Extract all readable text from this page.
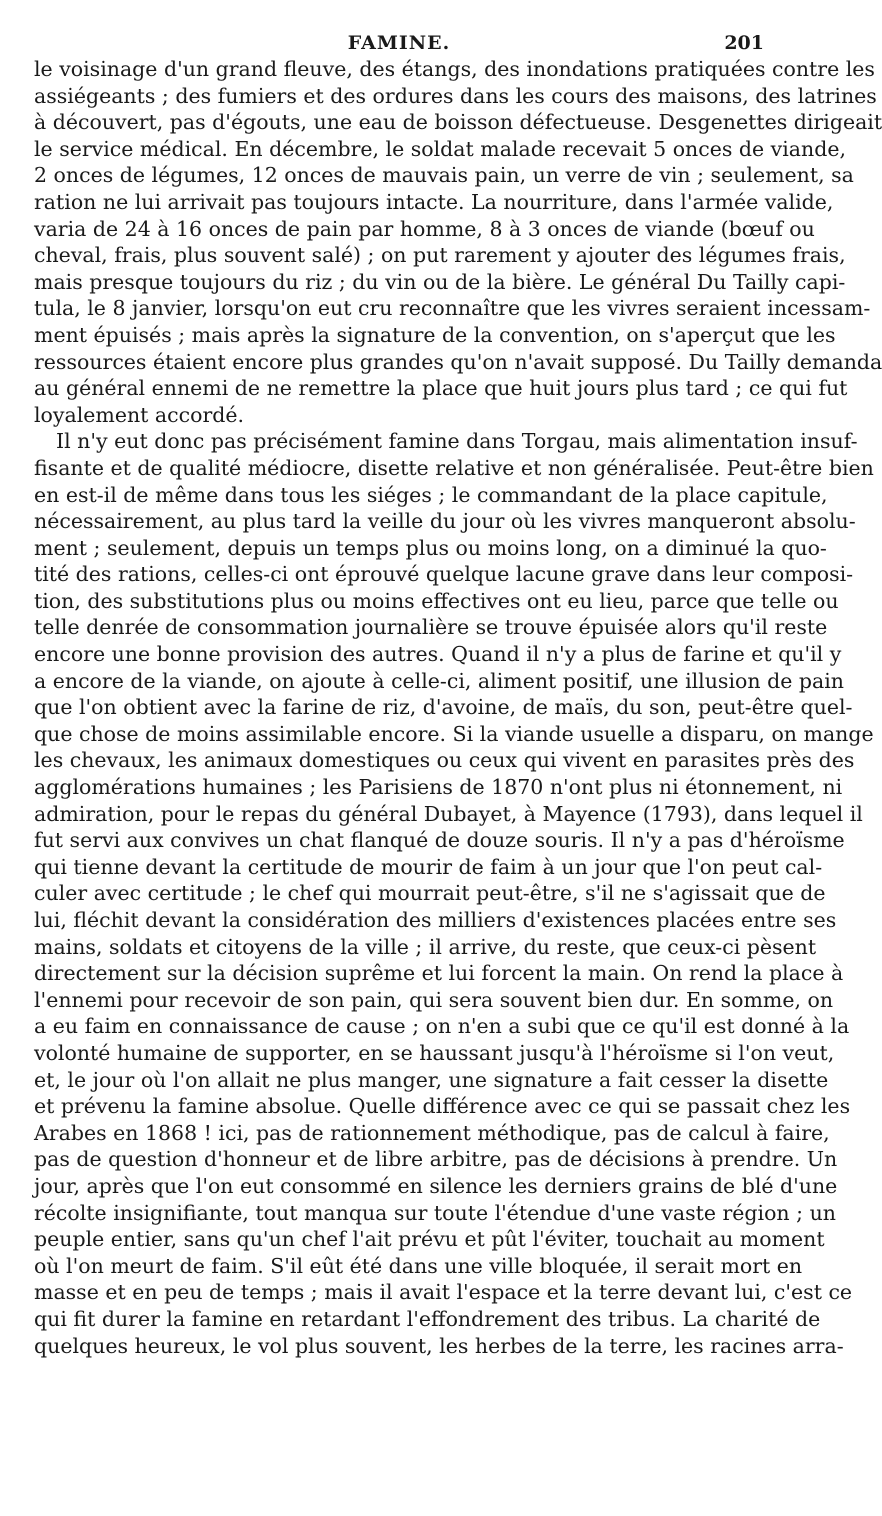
FAMINE.	201
le voisinage d'un grand fleuve, des étangs, des inondations pratiquées contre les
assiégeants ; des fumiers et des ordures dans les cours des maisons, des latrines
à découvert, pas d'égouts, une eau de boisson défectueuse. Desgenettes dirigeait
le service médical. En décembre, le soldat malade recevait 5 onces de viande,
2 onces de légumes, 12 onces de mauvais pain, un verre de vin ; seulement, sa
ration ne lui arrivait pas toujours intacte. La nourriture, dans l'armée valide,
varia de 24 à 16 onces de pain par homme, 8 à 3 onces de viande (bœuf ou
cheval, frais, plus souvent salé) ; on put rarement y ajouter des légumes frais,
mais presque toujours du riz ; du vin ou de la bière. Le général Du Tailly capi-
tula, le 8 janvier, lorsqu'on eut cru reconnaître que les vivres seraient incessam-
ment épuisés ; mais après la signature de la convention, on s'aperçut que les
ressources étaient encore plus grandes qu'on n'avait supposé. Du Tailly demanda
au général ennemi de ne remettre la place que huit jours plus tard ; ce qui fut
loyalement accordé.
Il n'y eut donc pas précisément famine dans Torgau, mais alimentation insuf-
fisante et de qualité médiocre, disette relative et non généralisée. Peut-être bien
en est-il de même dans tous les siéges ; le commandant de la place capitule,
nécessairement, au plus tard la veille du jour où les vivres manqueront absolu-
ment ; seulement, depuis un temps plus ou moins long, on a diminué la quo-
tité des rations, celles-ci ont éprouvé quelque lacune grave dans leur composi-
tion, des substitutions plus ou moins effectives ont eu lieu, parce que telle ou
telle denrée de consommation journalière se trouve épuisée alors qu'il reste
encore une bonne provision des autres. Quand il n'y a plus de farine et qu'il y
a encore de la viande, on ajoute à celle-ci, aliment positif, une illusion de pain
que l'on obtient avec la farine de riz, d'avoine, de maïs, du son, peut-être quel-
que chose de moins assimilable encore. Si la viande usuelle a disparu, on mange
les chevaux, les animaux domestiques ou ceux qui vivent en parasites près des
agglomérations humaines ; les Parisiens de 1870 n'ont plus ni étonnement, ni
admiration, pour le repas du général Dubayet, à Mayence (1793), dans lequel il
fut servi aux convives un chat flanqué de douze souris. Il n'y a pas d'héroïsme
qui tienne devant la certitude de mourir de faim à un jour que l'on peut cal-
culer avec certitude ; le chef qui mourrait peut-être, s'il ne s'agissait que de
lui, fléchit devant la considération des milliers d'existences placées entre ses
mains, soldats et citoyens de la ville ; il arrive, du reste, que ceux-ci pèsent
directement sur la décision suprême et lui forcent la main. On rend la place à
l'ennemi pour recevoir de son pain, qui sera souvent bien dur. En somme, on
a eu faim en connaissance de cause ; on n'en a subi que ce qu'il est donné à la
volonté humaine de supporter, en se haussant jusqu'à l'héroïsme si l'on veut,
et, le jour où l'on allait ne plus manger, une signature a fait cesser la disette
et prévenu la famine absolue. Quelle différence avec ce qui se passait chez les
Arabes en 1868 ! ici, pas de rationnement méthodique, pas de calcul à faire,
pas de question d'honneur et de libre arbitre, pas de décisions à prendre. Un
jour, après que l'on eut consommé en silence les derniers grains de blé d'une
récolte insignifiante, tout manqua sur toute l'étendue d'une vaste région ; un
peuple entier, sans qu'un chef l'ait prévu et pût l'éviter, touchait au moment
où l'on meurt de faim. S'il eût été dans une ville bloquée, il serait mort en
masse et en peu de temps ; mais il avait l'espace et la terre devant lui, c'est ce
qui fit durer la famine en retardant l'effondrement des tribus. La charité de
quelques heureux, le vol plus souvent, les herbes de la terre, les racines arra-
